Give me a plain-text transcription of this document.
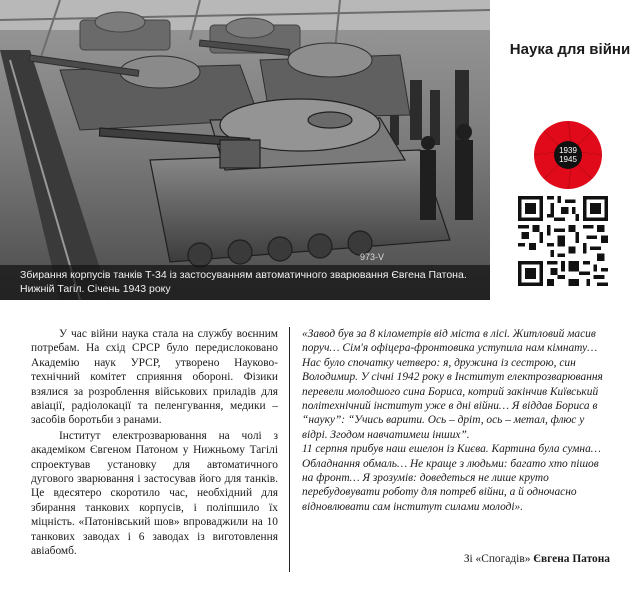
973-V
Збирання корпусів танків Т-34 із застосуванням автоматичного зварювання Євгена Патона. Нижній Тагіл. Січень 1943 року
Наука для війни
1939
1945

У час війни наука стала на службу воєнним потребам. На схід СРСР було передислоковано Академію наук УРСР, утворено Науково-технічний комітет сприяння обороні. Фізики взялися за розроблення військових приладів для авіації, радіолокації та пеленгування, медики – засобів боротьби з ранами.

Інститут електрозварювання на чолі з академіком Євгеном Патоном у Нижньому Тагілі спроектував установку для автоматичного дугового зварювання і застосував його для танків. Це вдесятеро скоротило час, необхідний для збирання танкових корпусів, і поліпшило їх міцність. «Патонівський шов» впроваджили на 10 танкових заводах і 6 заводах із виготовлення авіабомб.

«Завод був за 8 кілометрів від міста в лісі. Житловий масив поруч… Сім'я офіцера-фронтовика уступила нам кімнату… Нас було спочатку четверо: я, дружина із сестрою, син Володимир. У січні 1942 року в Інститут електрозварювання перевели молодшого сина Бориса, котрий закінчив Київський політехнічний інститут уже в дні війни… Я віддав Бориса в “науку”: “Учись варити. Ось – дріт, ось – метал, флюс у відрі. Згодом навчатимеш інших”.

11 серпня прибув наш ешелон із Києва. Картина була сумна… Обладнання обмаль… Не краще з людьми: багато хто пішов на фронт… Я зрозумів: доведеться не лише круто перебудовувати роботу для потреб війни, а й одночасно відновлювати сам інститут силами молоді».

Зі «Спогадів» Євгена Патона
